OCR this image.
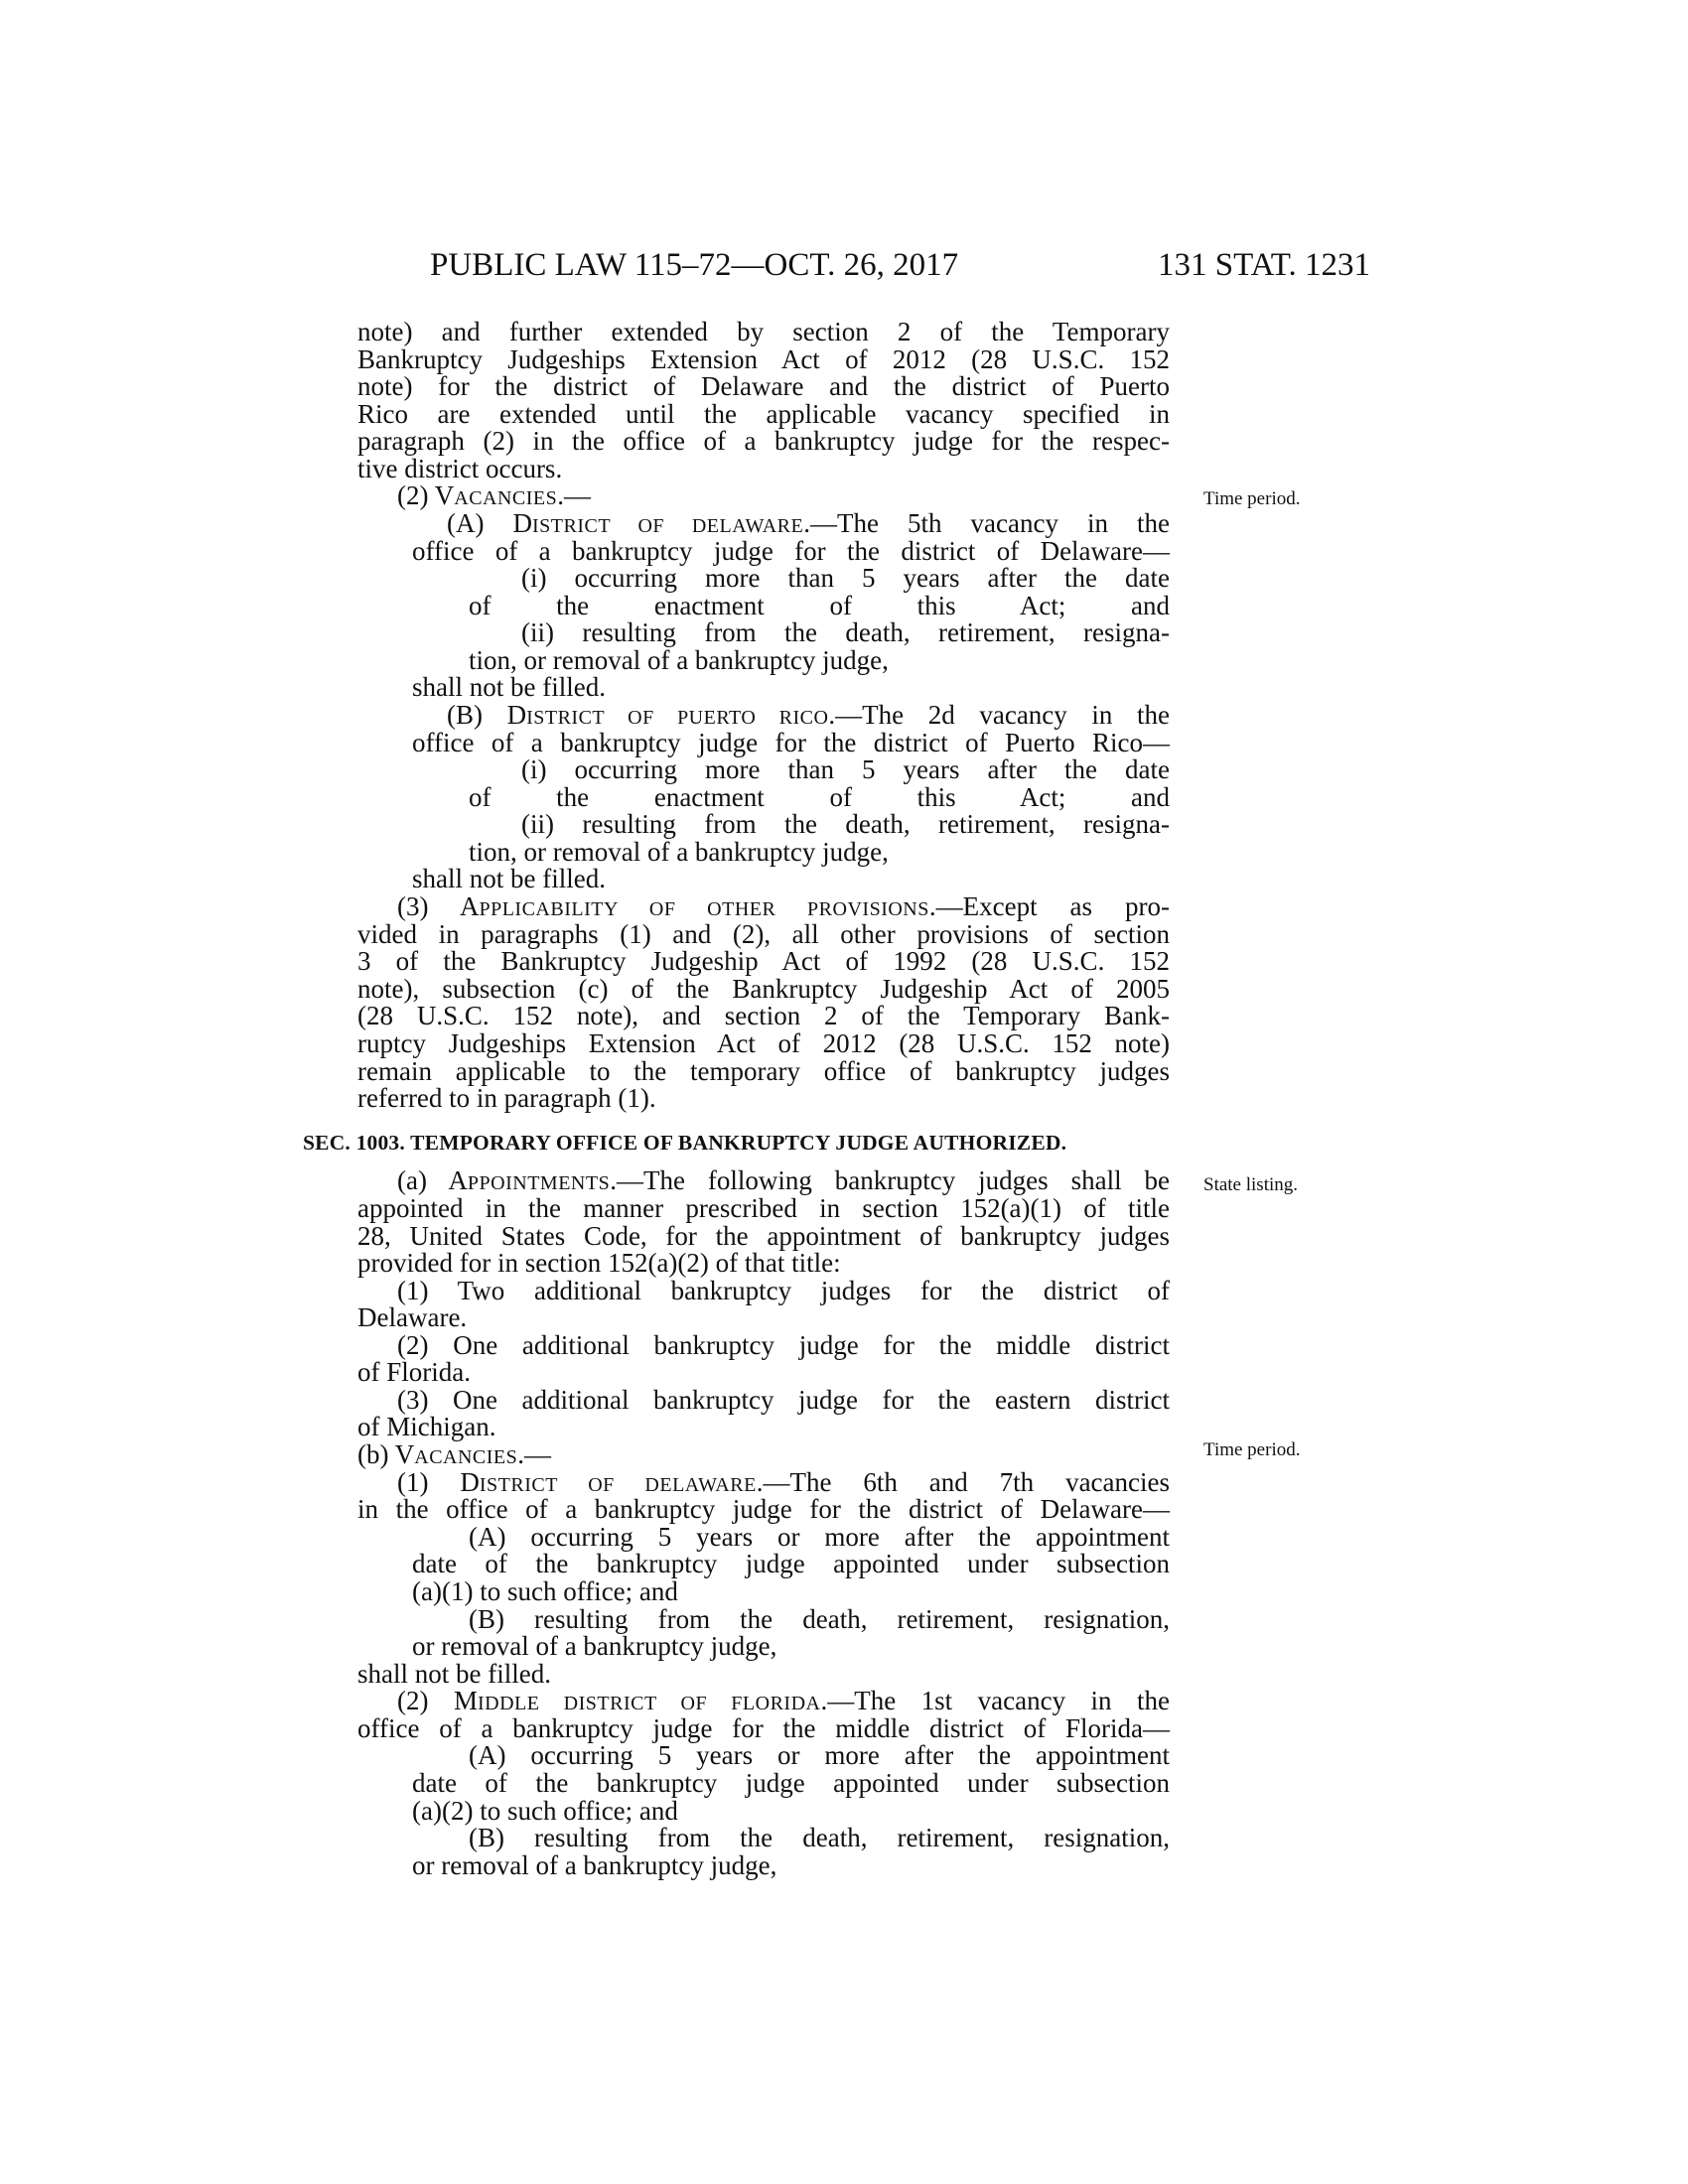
PUBLIC LAW 115–72—OCT. 26, 2017	131 STAT. 1231
note) and further extended by section 2 of the Temporary
Bankruptcy Judgeships Extension Act of 2012 (28 U.S.C. 152
note) for the district of Delaware and the district of Puerto
Rico are extended until the applicable vacancy specified in
paragraph (2) in the office of a bankruptcy judge for the respec-
tive district occurs.
(2) VACANCIES.—
(A) DISTRICT OF DELAWARE.—The 5th vacancy in the
office of a bankruptcy judge for the district of Delaware—
(i) occurring more than 5 years after the date
of the enactment of this Act; and
(ii) resulting from the death, retirement, resigna-
tion, or removal of a bankruptcy judge,
shall not be filled.
(B) DISTRICT OF PUERTO RICO.—The 2d vacancy in the
office of a bankruptcy judge for the district of Puerto Rico—
(i) occurring more than 5 years after the date
of the enactment of this Act; and
(ii) resulting from the death, retirement, resigna-
tion, or removal of a bankruptcy judge,
shall not be filled.
(3) APPLICABILITY OF OTHER PROVISIONS.—Except as pro-
vided in paragraphs (1) and (2), all other provisions of section
3 of the Bankruptcy Judgeship Act of 1992 (28 U.S.C. 152
note), subsection (c) of the Bankruptcy Judgeship Act of 2005
(28 U.S.C. 152 note), and section 2 of the Temporary Bank-
ruptcy Judgeships Extension Act of 2012 (28 U.S.C. 152 note)
remain applicable to the temporary office of bankruptcy judges
referred to in paragraph (1).
SEC. 1003. TEMPORARY OFFICE OF BANKRUPTCY JUDGE AUTHORIZED.
(a) APPOINTMENTS.—The following bankruptcy judges shall be
appointed in the manner prescribed in section 152(a)(1) of title
28, United States Code, for the appointment of bankruptcy judges
provided for in section 152(a)(2) of that title:
(1) Two additional bankruptcy judges for the district of
Delaware.
(2) One additional bankruptcy judge for the middle district
of Florida.
(3) One additional bankruptcy judge for the eastern district
of Michigan.
(b) VACANCIES.—
(1) DISTRICT OF DELAWARE.—The 6th and 7th vacancies
in the office of a bankruptcy judge for the district of Delaware—
(A) occurring 5 years or more after the appointment
date of the bankruptcy judge appointed under subsection
(a)(1) to such office; and
(B) resulting from the death, retirement, resignation,
or removal of a bankruptcy judge,
shall not be filled.
(2) MIDDLE DISTRICT OF FLORIDA.—The 1st vacancy in the
office of a bankruptcy judge for the middle district of Florida—
(A) occurring 5 years or more after the appointment
date of the bankruptcy judge appointed under subsection
(a)(2) to such office; and
(B) resulting from the death, retirement, resignation,
or removal of a bankruptcy judge,
Time period.
State listing.
Time period.
